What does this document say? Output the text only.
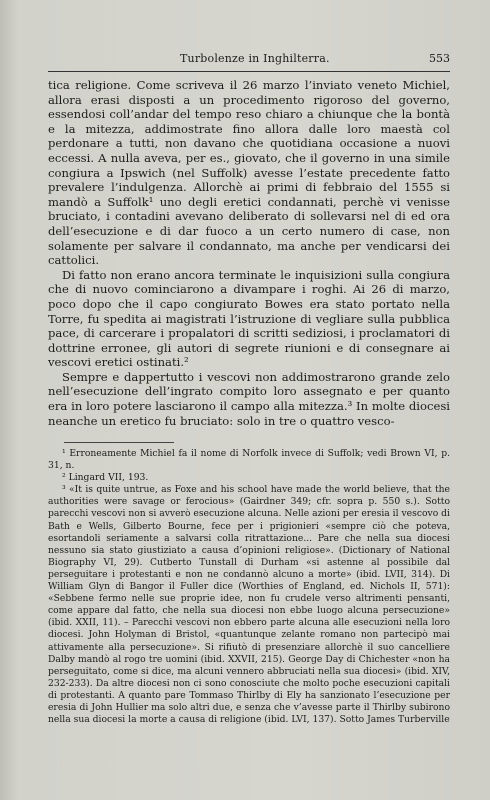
Turbolenze in Inghilterra.	553

tica religione. Come scriveva il 26 marzo l’inviato veneto Michiel, allora erasi disposti a un procedimento rigoroso del governo, essendosi coll’andar del tempo reso chiaro a chiunque che la bontà e la mitezza, addimostrate fino allora dalle loro maestà col perdonare a tutti, non davano che quotidiana occasione a nuovi eccessi. A nulla aveva, per es., giovato, che il governo in una simile congiura a Ipswich (nel Suffolk) avesse l’estate precedente fatto prevalere l’indulgenza. Allorchè ai primi di febbraio del 1555 si mandò a Suffolk¹ uno degli eretici condannati, perchè vi venisse bruciato, i contadini avevano deliberato di sollevarsi nel di ed ora dell’esecuzione e di dar fuoco a un certo numero di case, non solamente per salvare il condannato, ma anche per vendicarsi dei cattolici.

Di fatto non erano ancora terminate le inquisizioni sulla congiura che di nuovo cominciarono a divampare i roghi. Ai 26 di marzo, poco dopo che il capo congiurato Bowes era stato portato nella Torre, fu spedita ai magistrati l’istruzione di vegliare sulla pubblica pace, di carcerare i propalatori di scritti sediziosi, i proclamatori di dottrine erronee, gli autori di segrete riunioni e di consegnare ai vescovi eretici ostinati.²

Sempre e dappertutto i vescovi non addimostrarono grande zelo nell’esecuzione dell’ingrato compito loro assegnato e per quanto era in loro potere lasciarono il campo alla mitezza.³ In molte diocesi neanche un eretico fu bruciato: solo in tre o quattro vesco-

¹ Erroneamente Michiel fa il nome di Norfolk invece di Suffolk; vedi Brown VI, p. 31, n.

² Lingard VII, 193.

³ «It is quite untrue, as Foxe and his school have made the world believe, that the authorities were savage or ferocious» (Gairdner 349; cfr. sopra p. 550 s.). Sotto parecchi vescovi non si avverò esecuzione alcuna. Nelle azioni per eresia il vescovo di Bath e Wells, Gilberto Bourne, fece per i prigionieri «sempre ciò che poteva, esortandoli seriamente a salvarsi colla ritrattazione... Pare che nella sua diocesi nessuno sia stato giustiziato a causa d’opinioni religiose». (Dictionary of National Biography VI, 29). Cutberto Tunstall di Durham «si astenne al possibile dal perseguitare i protestanti e non ne condannò alcuno a morte» (ibid. LVII, 314). Di William Glyn di Bangor il Fuller dice (Worthies of England, ed. Nichols II, 571): «Sebbene fermo nelle sue proprie idee, non fu crudele verso altrimenti pensanti, come appare dal fatto, che nella sua diocesi non ebbe luogo alcuna persecuzione» (ibid. XXII, 11). – Parecchi vescovi non ebbero parte alcuna alle esecuzioni nella loro diocesi. John Holyman di Bristol, «quantunque zelante romano non partecipò mai attivamente alla persecuzione». Si rifiutò di presenziare allorchè il suo cancelliere Dalby mandò al rogo tre uomini (ibid. XXVII, 215). George Day di Chichester «non ha perseguitato, come si dice, ma alcuni vennero abbruciati nella sua diocesi» (ibid. XIV, 232-233). Da altre diocesi non ci sono conosciute che molto poche esecuzioni capitali di protestanti. A quanto pare Tommaso Thirlby di Ely ha sanzionato l’esecuzione per eresia di John Hullier ma solo altri due, e senza che v’avesse parte il Thirlby subirono nella sua diocesi la morte a causa di religione (ibid. LVI, 137). Sotto James Turberville
